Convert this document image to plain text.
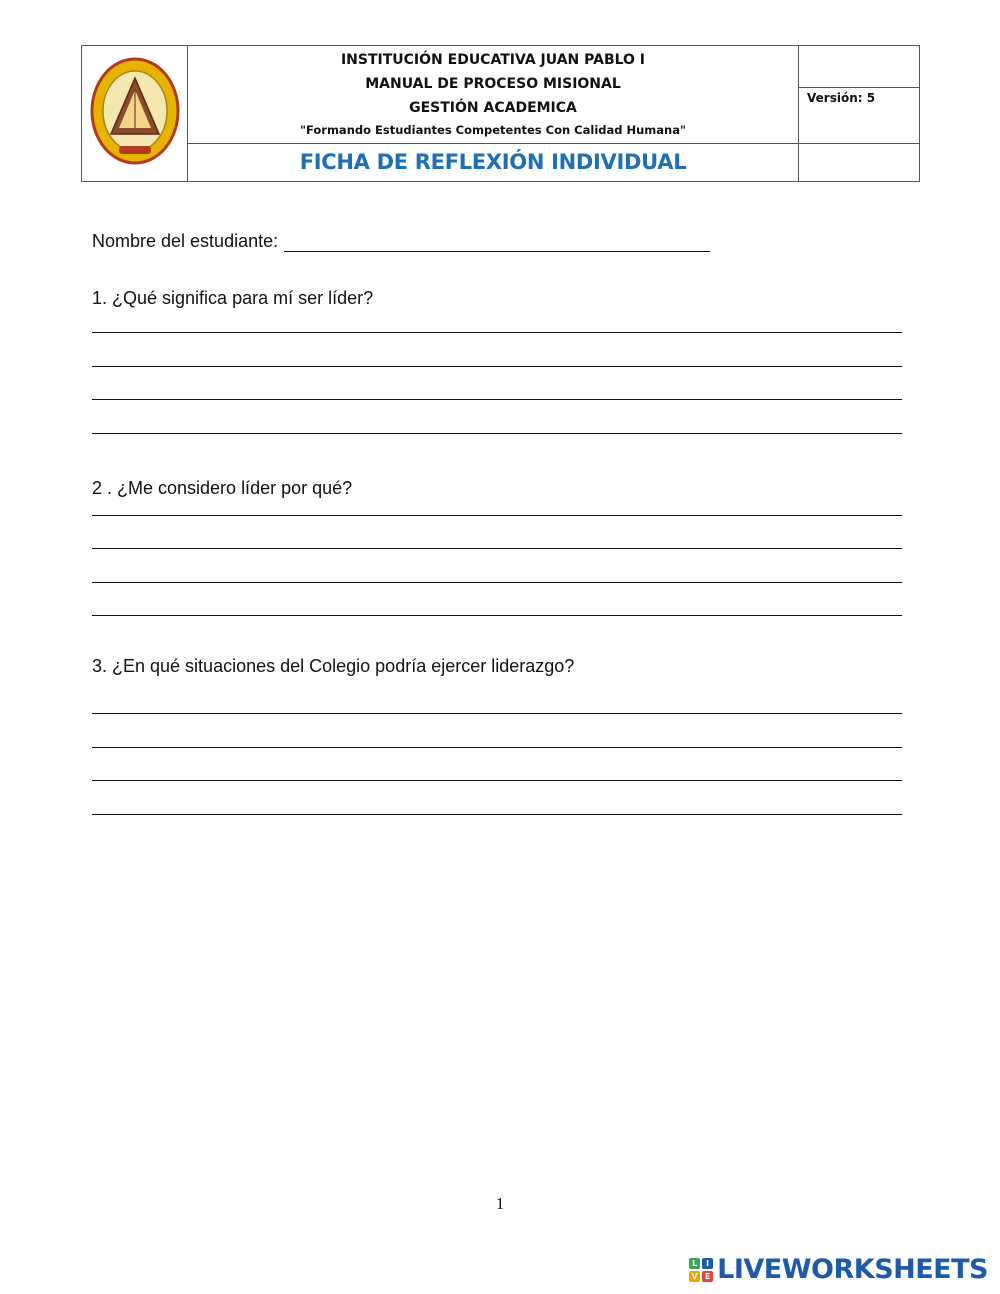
INSTITUCIÓN EDUCATIVA JUAN PABLO I
MANUAL DE PROCESO MISIONAL
GESTIÓN ACADEMICA
"Formando Estudiantes Competentes Con Calidad Humana"	

		Versión: 5
	FICHA DE REFLEXIÓN INDIVIDUAL	
Nombre del estudiante:
1. ¿Qué significa para mí ser líder?
2 . ¿Me considero líder por qué?
3. ¿En qué situaciones del Colegio podría ejercer liderazgo?
1
L	I
V E LIVEWORKSHEETS
